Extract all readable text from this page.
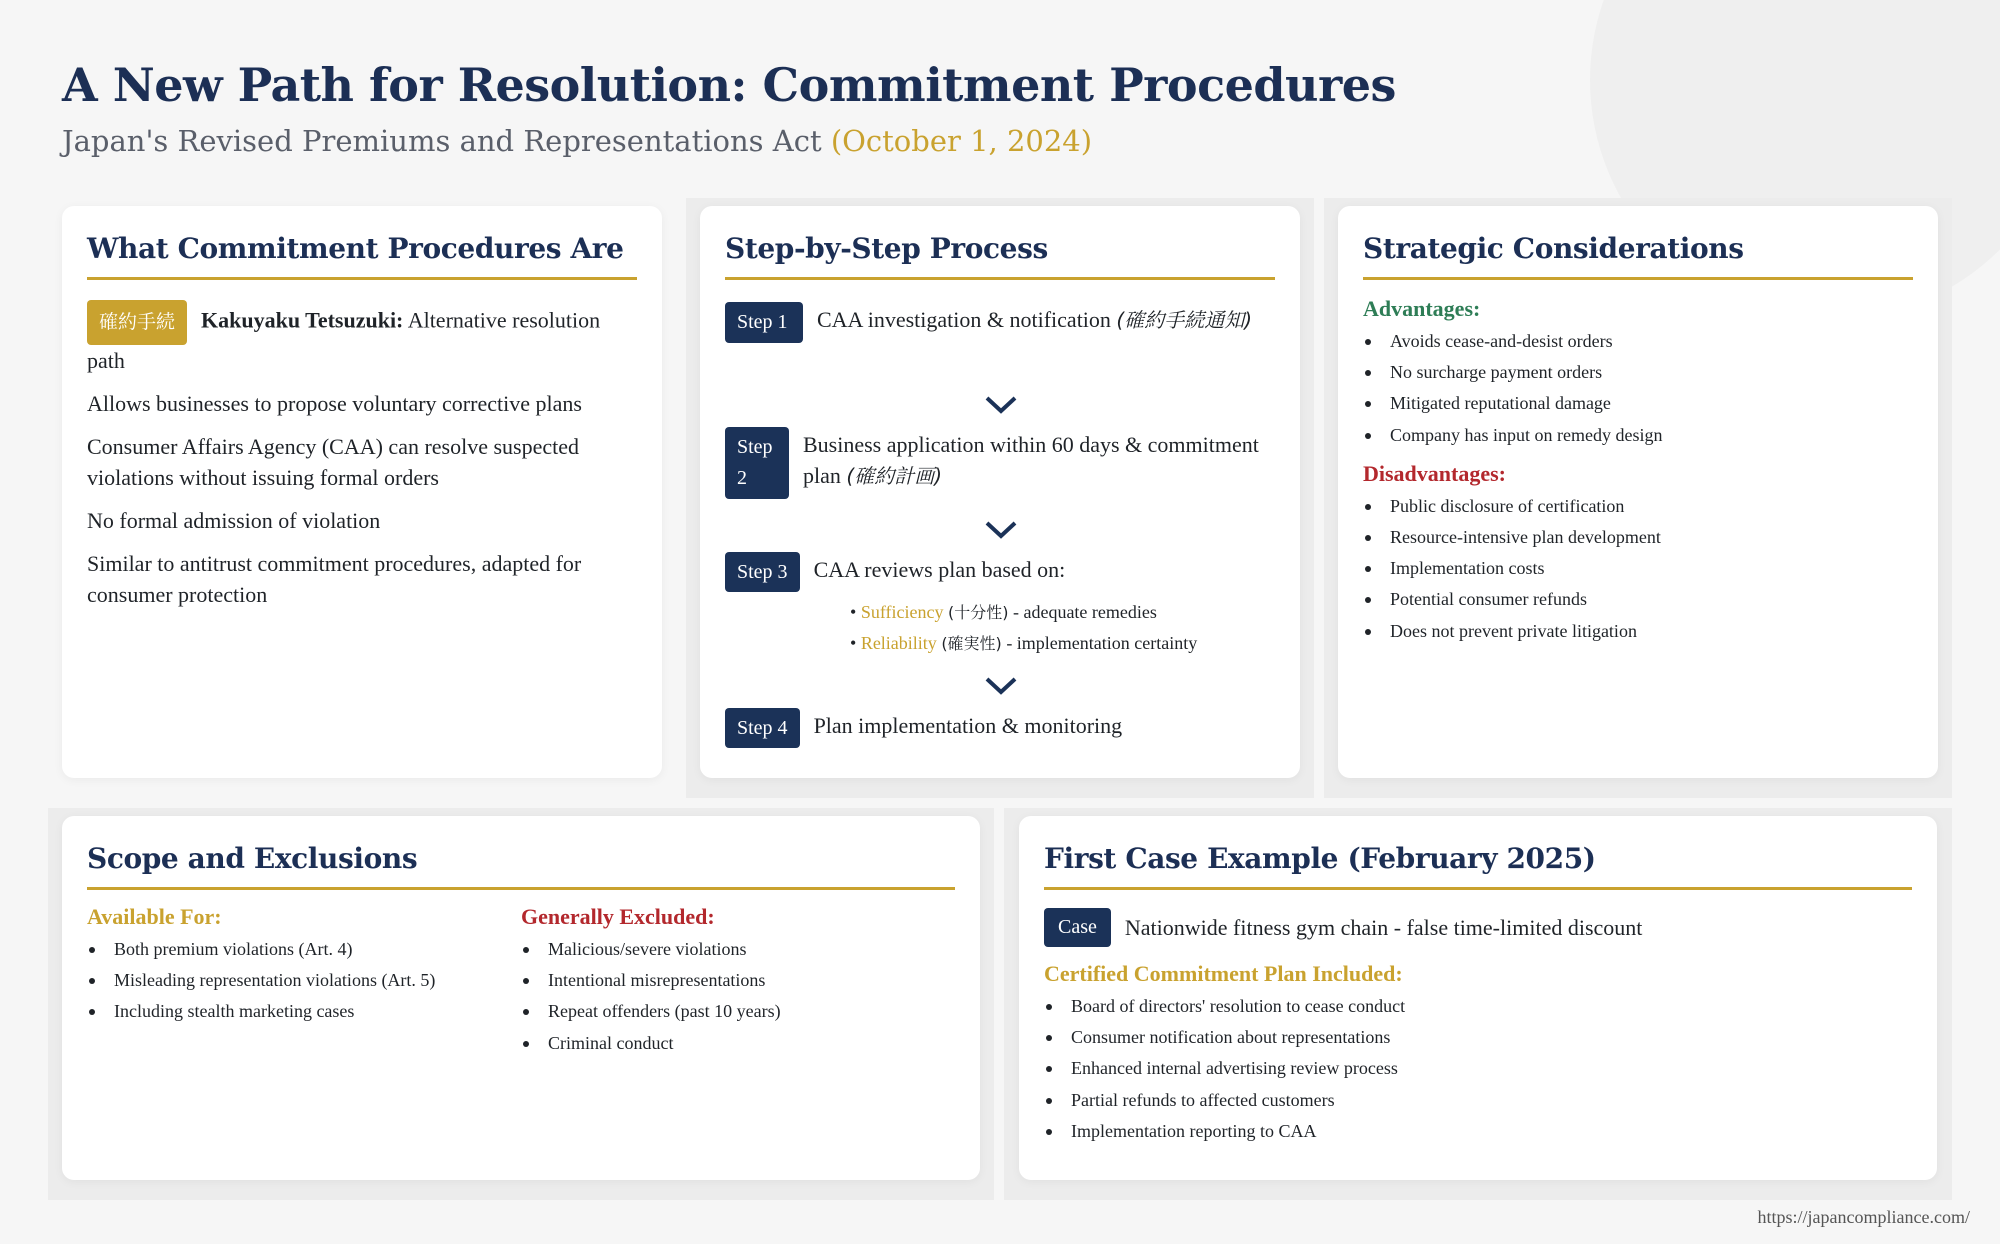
A New Path for Resolution: Commitment Procedures
Japan's Revised Premiums and Representations Act (October 1, 2024)
What Commitment Procedures Are
確約手続 Kakuyaku Tetsuzuki: Alternative resolution path
Allows businesses to propose voluntary corrective plans
Consumer Affairs Agency (CAA) can resolve suspected violations without issuing formal orders
No formal admission of violation
Similar to antitrust commitment procedures, adapted for consumer protection
Step-by-Step Process
Step 1	CAA investigation & notification (確約手続通知)
Step 2
Business application within 60 days & commitment plan (確約計画)
Step 3	CAA reviews plan based on:
• Sufficiency (十分性) - adequate remedies
• Reliability (確実性) - implementation certainty
Step 4	Plan implementation & monitoring
Strategic Considerations
Advantages:
Avoids cease-and-desist orders
No surcharge payment orders
Mitigated reputational damage
Company has input on remedy design
Disadvantages:
Public disclosure of certification
Resource-intensive plan development
Implementation costs
Potential consumer refunds
Does not prevent private litigation
Scope and Exclusions
Available For:
Both premium violations (Art. 4)
Misleading representation violations (Art. 5)
Including stealth marketing cases
Generally Excluded:
Malicious/severe violations
Intentional misrepresentations
Repeat offenders (past 10 years)
Criminal conduct
First Case Example (February 2025)
Case	Nationwide fitness gym chain - false time-limited discount
Certified Commitment Plan Included:
Board of directors' resolution to cease conduct
Consumer notification about representations
Enhanced internal advertising review process
Partial refunds to affected customers
Implementation reporting to CAA
https://japancompliance.com/
